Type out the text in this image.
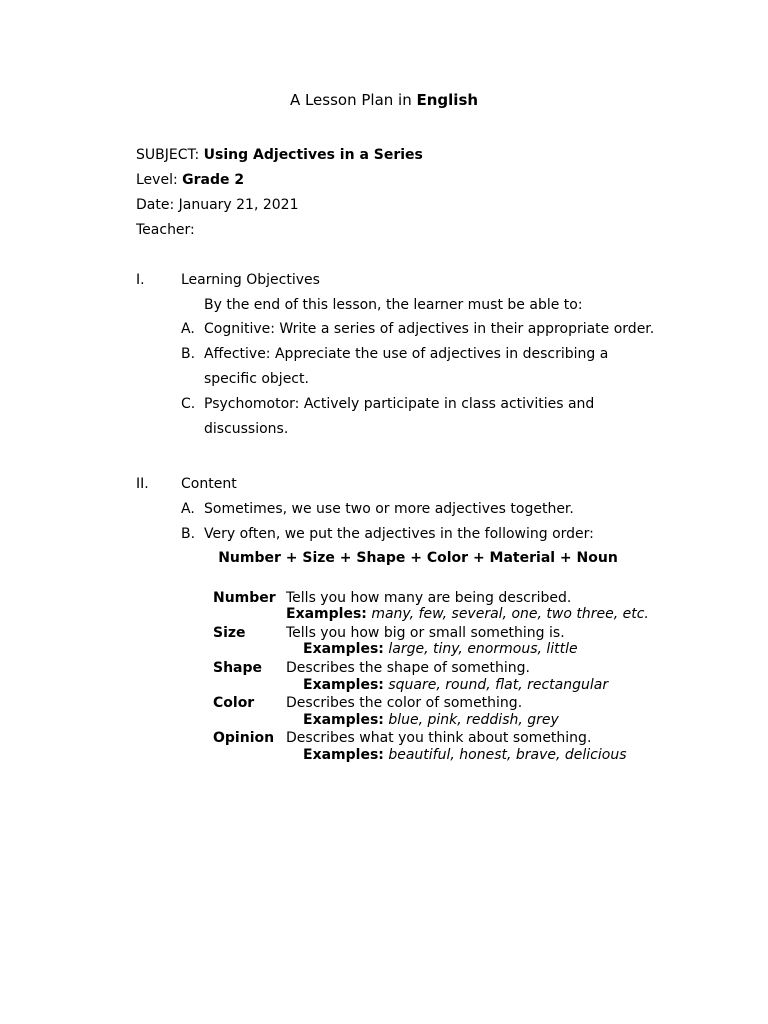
A Lesson Plan in English
SUBJECT: Using Adjectives in a Series
Level: Grade 2
Date: January 21, 2021
Teacher:
I.	Learning Objectives
By the end of this lesson, the learner must be able to:
A. Cognitive: Write a series of adjectives in their appropriate order.
B. Affective: Appreciate the use of adjectives in describing a
specific object.
C. Psychomotor: Actively participate in class activities and
discussions.
II. Content
A. Sometimes, we use two or more adjectives together.
B. Very often, we put the adjectives in the following order:
Number + Size + Shape + Color + Material + Noun
Number Tells you how many are being described.
Examples: many, few, several, one, two three, etc.
Size	Tells you how big or small something is.
Examples: large, tiny, enormous, little
Shape Describes the shape of something.
Examples: square, round, flat, rectangular
Color Describes the color of something.
Examples: blue, pink, reddish, grey
Opinion Describes what you think about something.
Examples: beautiful, honest, brave, delicious
